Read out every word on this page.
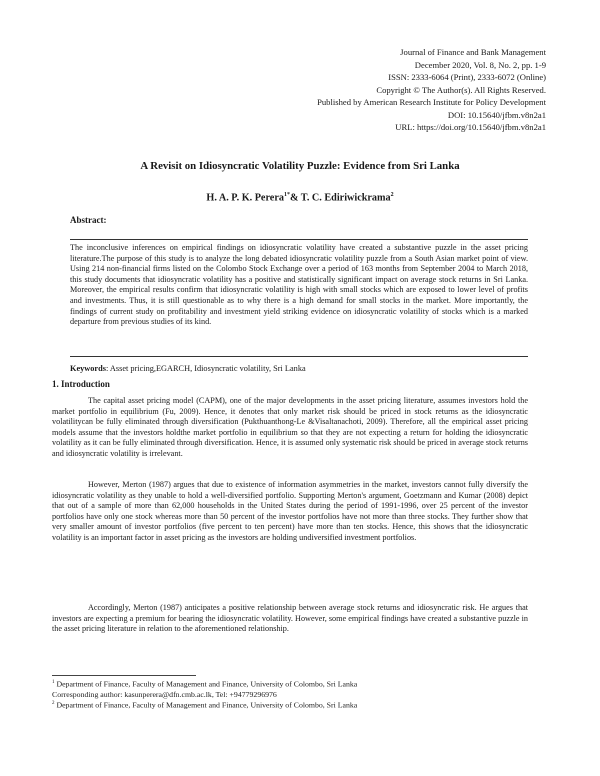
Journal of Finance and Bank Management
December 2020, Vol. 8, No. 2, pp. 1-9
ISSN: 2333-6064 (Print), 2333-6072 (Online)
Copyright © The Author(s). All Rights Reserved.
Published by American Research Institute for Policy Development
DOI: 10.15640/jfbm.v8n2a1
URL: https://doi.org/10.15640/jfbm.v8n2a1
A Revisit on Idiosyncratic Volatility Puzzle: Evidence from Sri Lanka
H. A. P. K. Perera$^{1*}$& T. C. Ediriwickrama$^2$
Abstract:
The inconclusive inferences on empirical findings on idiosyncratic volatility have created a substantive puzzle in the asset pricing literature.The purpose of this study is to analyze the long debated idiosyncratic volatility puzzle from a South Asian market point of view. Using 214 non-financial firms listed on the Colombo Stock Exchange over a period of 163 months from September 2004 to March 2018, this study documents that idiosyncratic volatility has a positive and statistically significant impact on average stock returns in Sri Lanka. Moreover, the empirical results confirm that idiosyncratic volatility is high with small stocks which are exposed to lower level of profits and investments. Thus, it is still questionable as to why there is a high demand for small stocks in the market. More importantly, the findings of current study on profitability and investment yield striking evidence on idiosyncratic volatility of stocks which is a marked departure from previous studies of its kind.
Keywords: Asset pricing,EGARCH, Idiosyncratic volatility, Sri Lanka
1. Introduction
The capital asset pricing model (CAPM), one of the major developments in the asset pricing literature, assumes investors hold the market portfolio in equilibrium (Fu, 2009). Hence, it denotes that only market risk should be priced in stock returns as the idiosyncratic volatilitycan be fully eliminated through diversification (Pukthuanthong-Le &Visaltanachoti, 2009). Therefore, all the empirical asset pricing models assume that the investors holdthe market portfolio in equilibrium so that they are not expecting a return for holding the idiosyncratic volatility as it can be fully eliminated through diversification. Hence, it is assumed only systematic risk should be priced in average stock returns and idiosyncratic volatility is irrelevant.
However, Merton (1987) argues that due to existence of information asymmetries in the market, investors cannot fully diversify the idiosyncratic volatility as they unable to hold a well-diversified portfolio. Supporting Merton's argument, Goetzmann and Kumar (2008) depict that out of a sample of more than 62,000 households in the United States during the period of 1991-1996, over 25 percent of the investor portfolios have only one stock whereas more than 50 percent of the investor portfolios have not more than three stocks. They further show that very smaller amount of investor portfolios (five percent to ten percent) have more than ten stocks. Hence, this shows that the idiosyncratic volatility is an important factor in asset pricing as the investors are holding undiversified investment portfolios.
Accordingly, Merton (1987) anticipates a positive relationship between average stock returns and idiosyncratic risk. He argues that investors are expecting a premium for bearing the idiosyncratic volatility. However, some empirical findings have created a substantive puzzle in the asset pricing literature in relation to the aforementioned relationship.
$^1$ Department of Finance, Faculty of Management and Finance, University of Colombo, Sri Lanka
Corresponding author: kasunperera@dfn.cmb.ac.lk, Tel: +94779296976
$^2$ Department of Finance, Faculty of Management and Finance, University of Colombo, Sri Lanka
